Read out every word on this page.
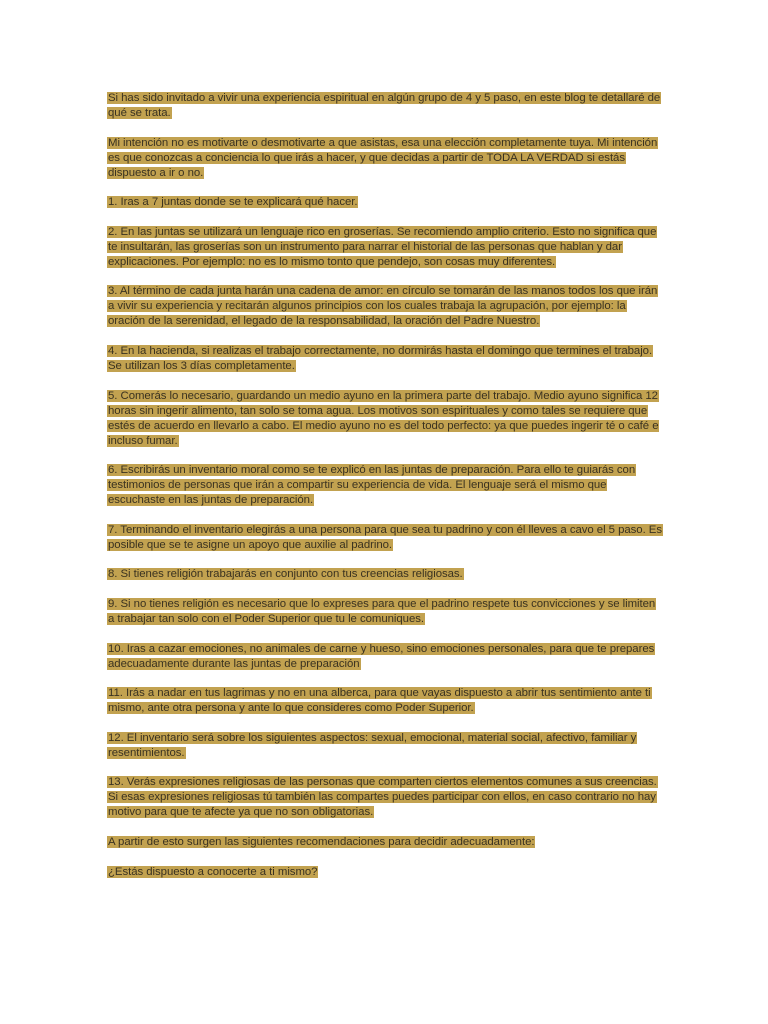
Si has sido invitado a vivir una experiencia espiritual en algún grupo de 4 y 5 paso, en este blog te detallaré de qué se trata.

Mi intención no es motivarte o desmotivarte a que asistas, esa una elección completamente tuya. Mi intención es que conozcas a conciencia lo que irás a hacer, y que decidas a partir de TODA LA VERDAD si estás dispuesto a ir o no.

1. Iras a 7 juntas donde se te explicará qué hacer.

2. En las juntas se utilizará un lenguaje rico en groserías. Se recomiendo amplio criterio. Esto no significa que te insultarán, las groserías son un instrumento para narrar el historial de las personas que hablan y dar explicaciones. Por ejemplo: no es lo mismo tonto que pendejo, son cosas muy diferentes.

3. Al término de cada junta harán una cadena de amor: en círculo se tomarán de las manos todos los que irán a vivir su experiencia y recitarán algunos principios con los cuales trabaja la agrupación, por ejemplo: la oración de la serenidad, el legado de la responsabilidad, la oración del Padre Nuestro.

4. En la hacienda, si realizas el trabajo correctamente, no dormirás hasta el domingo que termines el trabajo. Se utilizan los 3 días completamente.

5. Comerás lo necesario, guardando un medio ayuno en la primera parte del trabajo. Medio ayuno significa 12 horas sin ingerir alimento, tan solo se toma agua. Los motivos son espirituales y como tales se requiere que estés de acuerdo en llevarlo a cabo. El medio ayuno no es del todo perfecto: ya que puedes ingerir té o café e incluso fumar.

6. Escribirás un inventario moral como se te explicó en las juntas de preparación. Para ello te guiarás con testimonios de personas que irán a compartir su experiencia de vida. El lenguaje será el mismo que escuchaste en las juntas de preparación.

7. Terminando el inventario elegirás a una persona para que sea tu padrino y con él lleves a cavo el 5 paso. Es posible que se te asigne un apoyo que auxilie al padrino.

8. Si tienes religión trabajarás en conjunto con tus creencias religiosas.

9. Si no tienes religión es necesario que lo expreses para que el padrino respete tus convicciones y se limiten a trabajar tan solo con el Poder Superior que tu le comuniques.

10. Iras a cazar emociones, no animales de carne y hueso, sino emociones personales, para que te prepares adecuadamente durante las juntas de preparación

11. Irás a nadar en tus lagrimas y no en una alberca, para que vayas dispuesto a abrir tus sentimiento ante ti mismo, ante otra persona y ante lo que consideres como Poder Superior.

12. El inventario será sobre los siguientes aspectos: sexual, emocional, material social, afectivo, familiar y resentimientos.

13. Verás expresiones religiosas de las personas que comparten ciertos elementos comunes a sus creencias. Si esas expresiones religiosas tú también las compartes puedes participar con ellos, en caso contrario no hay motivo para que te afecte ya que no son obligatorias.

A partir de esto surgen las siguientes recomendaciones para decidir adecuadamente:

¿Estás dispuesto a conocerte a ti mismo?
